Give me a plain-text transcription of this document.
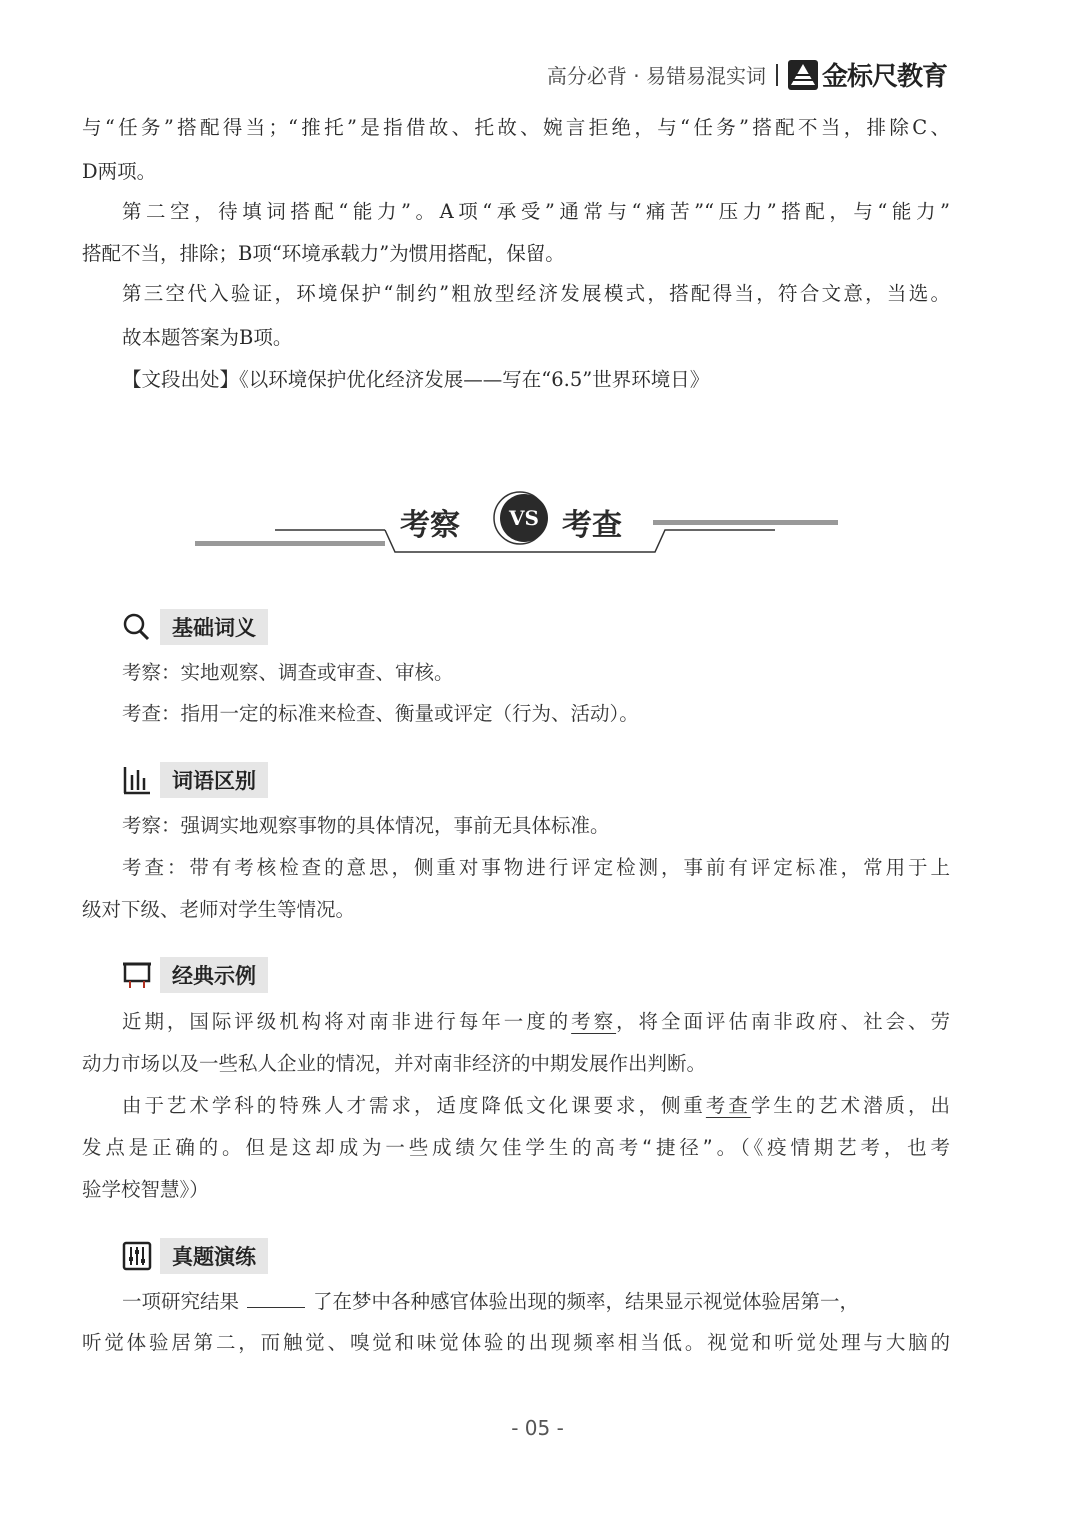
高分必背 · 易错易混实词 金标尺教育
与“任务”搭配得当；“推托”是指借故、托故、婉言拒绝，与“任务”搭配不当，排除C、
D两项。
第二空，待填词搭配“能力”。A项“承受”通常与“痛苦”“压力”搭配，与“能力”
搭配不当，排除；B项“环境承载力”为惯用搭配，保留。
第三空代入验证，环境保护“制约”粗放型经济发展模式，搭配得当，符合文意，当选。
故本题答案为B项。
【文段出处】《以环境保护优化经济发展——写在“6.5”世界环境日》
考察 VS 考查
基础词义
考察：实地观察、调查或审查、审核。
考查：指用一定的标准来检查、衡量或评定（行为、活动）。
词语区别
考察：强调实地观察事物的具体情况，事前无具体标准。
考查：带有考核检查的意思，侧重对事物进行评定检测，事前有评定标准，常用于上
级对下级、老师对学生等情况。
经典示例
近期，国际评级机构将对南非进行每年一度的考察，将全面评估南非政府、社会、劳
动力市场以及一些私人企业的情况，并对南非经济的中期发展作出判断。
由于艺术学科的特殊人才需求，适度降低文化课要求，侧重考查学生的艺术潜质，出
发点是正确的。但是这却成为一些成绩欠佳学生的高考“捷径”。（《疫情期艺考，也考
验学校智慧》）
真题演练
一项研究结果	了在梦中各种感官体验出现的频率，结果显示视觉体验居第一，
听觉体验居第二，而触觉、嗅觉和味觉体验的出现频率相当低。视觉和听觉处理与大脑的
- 05 -
